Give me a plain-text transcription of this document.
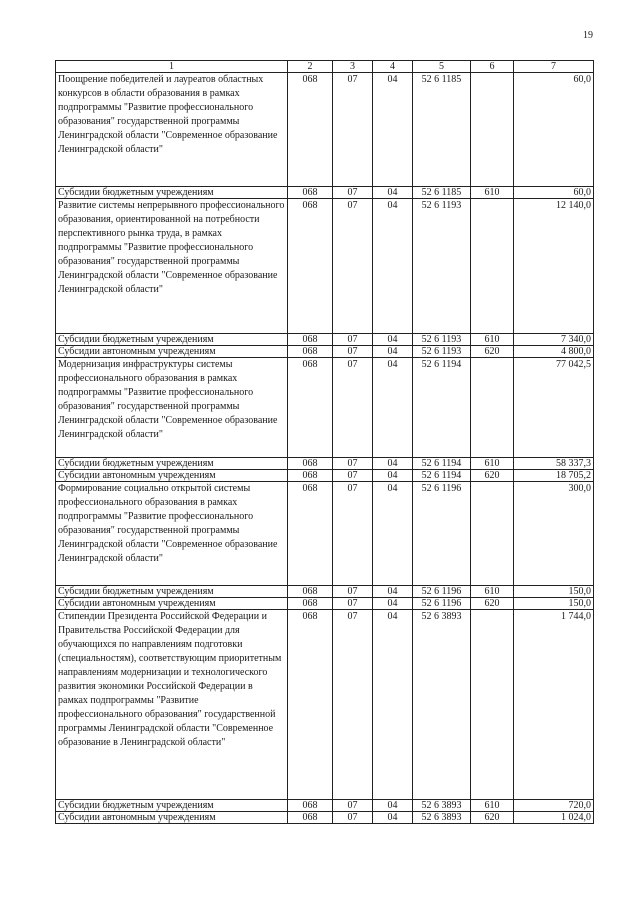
19
1	2	3	4	5	6	7
Поощрение победителей и лауреатов областных конкурсов в области образования в рамках подпрограммы "Развитие профессионального образования" государственной программы Ленинградской области "Современное образование Ленинградской области"	068	07	04	52 6 1185		60,0
Субсидии бюджетным учреждениям	068	07	04	52 6 1185	610	60,0
Развитие системы непрерывного профессионального образования, ориентированной на потребности перспективного рынка труда, в рамках подпрограммы "Развитие профессионального образования" государственной программы Ленинградской области "Современное образование Ленинградской области"	068	07	04	52 6 1193		12 140,0
Субсидии бюджетным учреждениям	068	07	04	52 6 1193	610	7 340,0
Субсидии автономным учреждениям	068	07	04	52 6 1193	620	4 800,0
Модернизация инфраструктуры системы профессионального образования в рамках подпрограммы "Развитие профессионального образования" государственной программы Ленинградской области "Современное образование Ленинградской области"	068	07	04	52 6 1194		77 042,5
Субсидии бюджетным учреждениям	068	07	04	52 6 1194	610	58 337,3
Субсидии автономным учреждениям	068	07	04	52 6 1194	620	18 705,2
Формирование социально открытой системы профессионального образования в рамках подпрограммы "Развитие профессионального образования" государственной программы Ленинградской области "Современное образование Ленинградской области"	068	07	04	52 6 1196		300,0
Субсидии бюджетным учреждениям	068	07	04	52 6 1196	610	150,0
Субсидии автономным учреждениям	068	07	04	52 6 1196	620	150,0
Стипендии Президента Российской Федерации и Правительства Российской Федерации для обучающихся по направлениям подготовки (специальностям), соответствующим приоритетным направлениям модернизации и технологического развития экономики Российской Федерации в рамках подпрограммы "Развитие профессионального образования" государственной программы Ленинградской области "Современное образование в Ленинградской области"	068	07	04	52 6 3893		1 744,0
Субсидии бюджетным учреждениям	068	07	04	52 6 3893	610	720,0
Субсидии автономным учреждениям	068	07	04	52 6 3893	620	1 024,0
